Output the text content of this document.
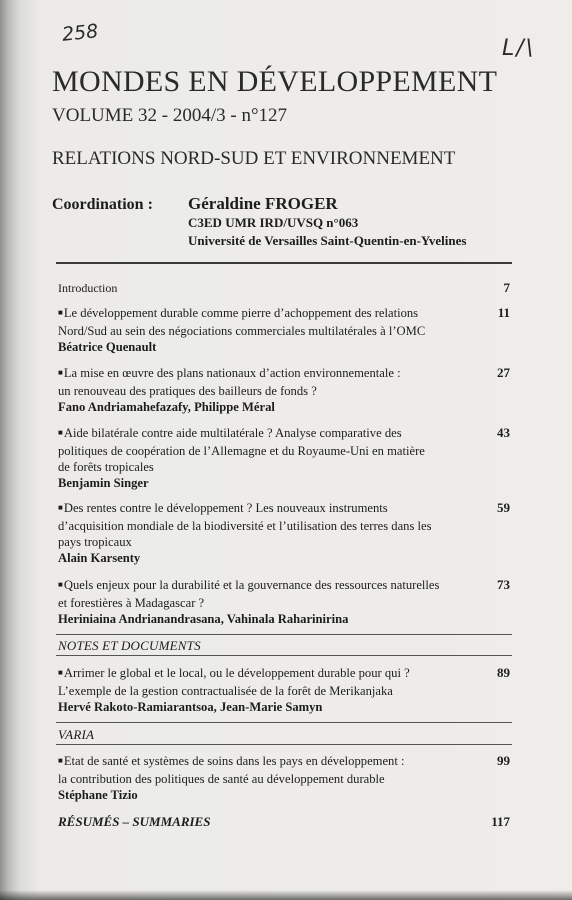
258
L/\
MONDES EN DÉVELOPPEMENT
VOLUME 32 - 2004/3 - n°127
RELATIONS NORD-SUD ET ENVIRONNEMENT
Coordination : Géraldine FROGER
C3ED UMR IRD/UVSQ n°063
Université de Versailles Saint-Quentin-en-Yvelines
Introduction	7
■Le développement durable comme pierre d’achoppement des relations
Nord/Sud au sein des négociations commerciales multilatérales à l’OMC
Béatrice Quenault
11
■La mise en œuvre des plans nationaux d’action environnementale :
un renouveau des pratiques des bailleurs de fonds ?
Fano Andriamahefazafy, Philippe Méral
27
■Aide bilatérale contre aide multilatérale ? Analyse comparative des
politiques de coopération de l’Allemagne et du Royaume-Uni en matière
de forêts tropicales
Benjamin Singer
43
■Des rentes contre le développement ? Les nouveaux instruments
d’acquisition mondiale de la biodiversité et l’utilisation des terres dans les
pays tropicaux
Alain Karsenty
59
■Quels enjeux pour la durabilité et la gouvernance des ressources naturelles
et forestières à Madagascar ?
Heriniaina Andrianandrasana, Vahinala Raharinirina
73
NOTES ET DOCUMENTS
■Arrimer le global et le local, ou le développement durable pour qui ?
L’exemple de la gestion contractualisée de la forêt de Merikanjaka
Hervé Rakoto-Ramiarantsoa, Jean-Marie Samyn
89
VARIA
■Etat de santé et systèmes de soins dans les pays en développement :
la contribution des politiques de santé au développement durable
Stéphane Tizio
99
RÉSUMÉS – SUMMARIES	117
